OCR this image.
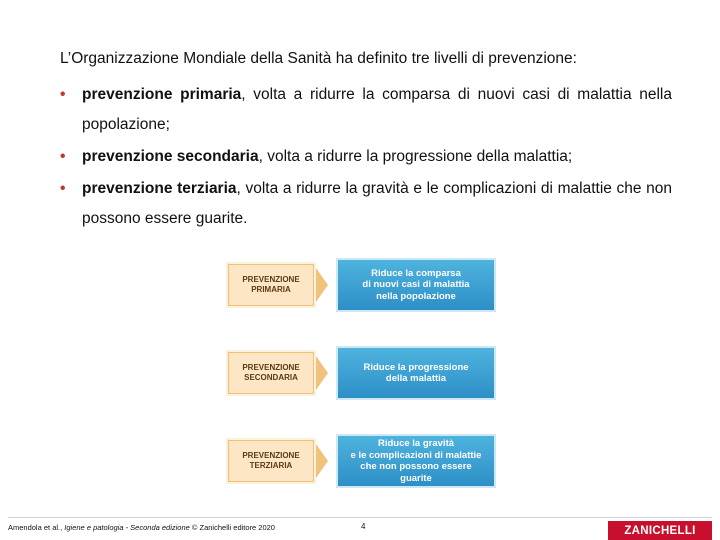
L’Organizzazione Mondiale della Sanità ha definito tre livelli di prevenzione:

• prevenzione primaria, volta a ridurre la comparsa di nuovi casi di malattia nella popolazione;
• prevenzione secondaria, volta a ridurre la progressione della malattia;
• prevenzione terziaria, volta a ridurre la gravità e le complicazioni di malattie che non possono essere guarite.
PREVENZIONE
PRIMARIA
Riduce la comparsa
di nuovi casi di malattia
nella popolazione
PREVENZIONE
SECONDARIA
Riduce la progressione
della malattia
PREVENZIONE
TERZIARIA
Riduce la gravità
e le complicazioni di malattie
che non possono essere guarite
Amendola et al., Igiene e patologia - Seconda edizione © Zanichelli editore 2020	4	ZANICHELLI
